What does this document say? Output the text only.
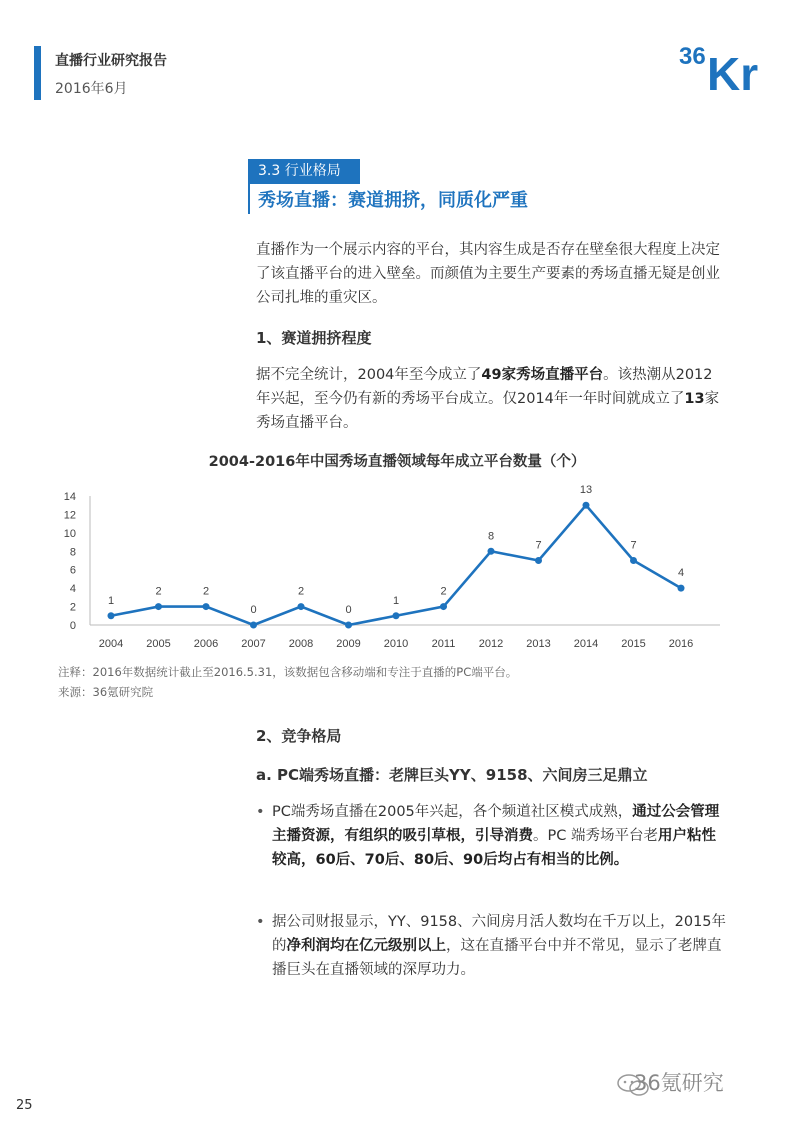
直播行业研究报告
2016年6月
36 Kr
3.3 行业格局
秀场直播：赛道拥挤，同质化严重
直播作为一个展示内容的平台，其内容生成是否存在壁垒很大程度上决定了该直播平台的进入壁垒。而颜值为主要生产要素的秀场直播无疑是创业公司扎堆的重灾区。
1、赛道拥挤程度
据不完全统计，2004年至今成立了49家秀场直播平台。该热潮从2012年兴起，至今仍有新的秀场平台成立。仅2014年一年时间就成立了13家秀场直播平台。
2004-2016年中国秀场直播领域每年成立平台数量（个）
0
2
4
6
8
10
12
14
2004 2005 2006 2007 2008 2009 2010 2011 2012 2013 2014 2015 2016
1
2	2
0
2
0
1
2
8
7
13
7
4
注释：2016年数据统计截止至2016.5.31，该数据包含移动端和专注于直播的PC端平台。
来源：36氪研究院
2、竞争格局
a. PC端秀场直播：老牌巨头YY、9158、六间房三足鼎立
• PC端秀场直播在2005年兴起，各个频道社区模式成熟，通过公会管理主播资源，有组织的吸引草根，引导消费。PC 端秀场平台老用户粘性较高，60后、70后、80后、90后均占有相当的比例。
• 据公司财报显示，YY、9158、六间房月活人数均在千万以上，2015年的净利润均在亿元级别以上，这在直播平台中并不常见，显示了老牌直播巨头在直播领域的深厚功力。
25
36氪研究
